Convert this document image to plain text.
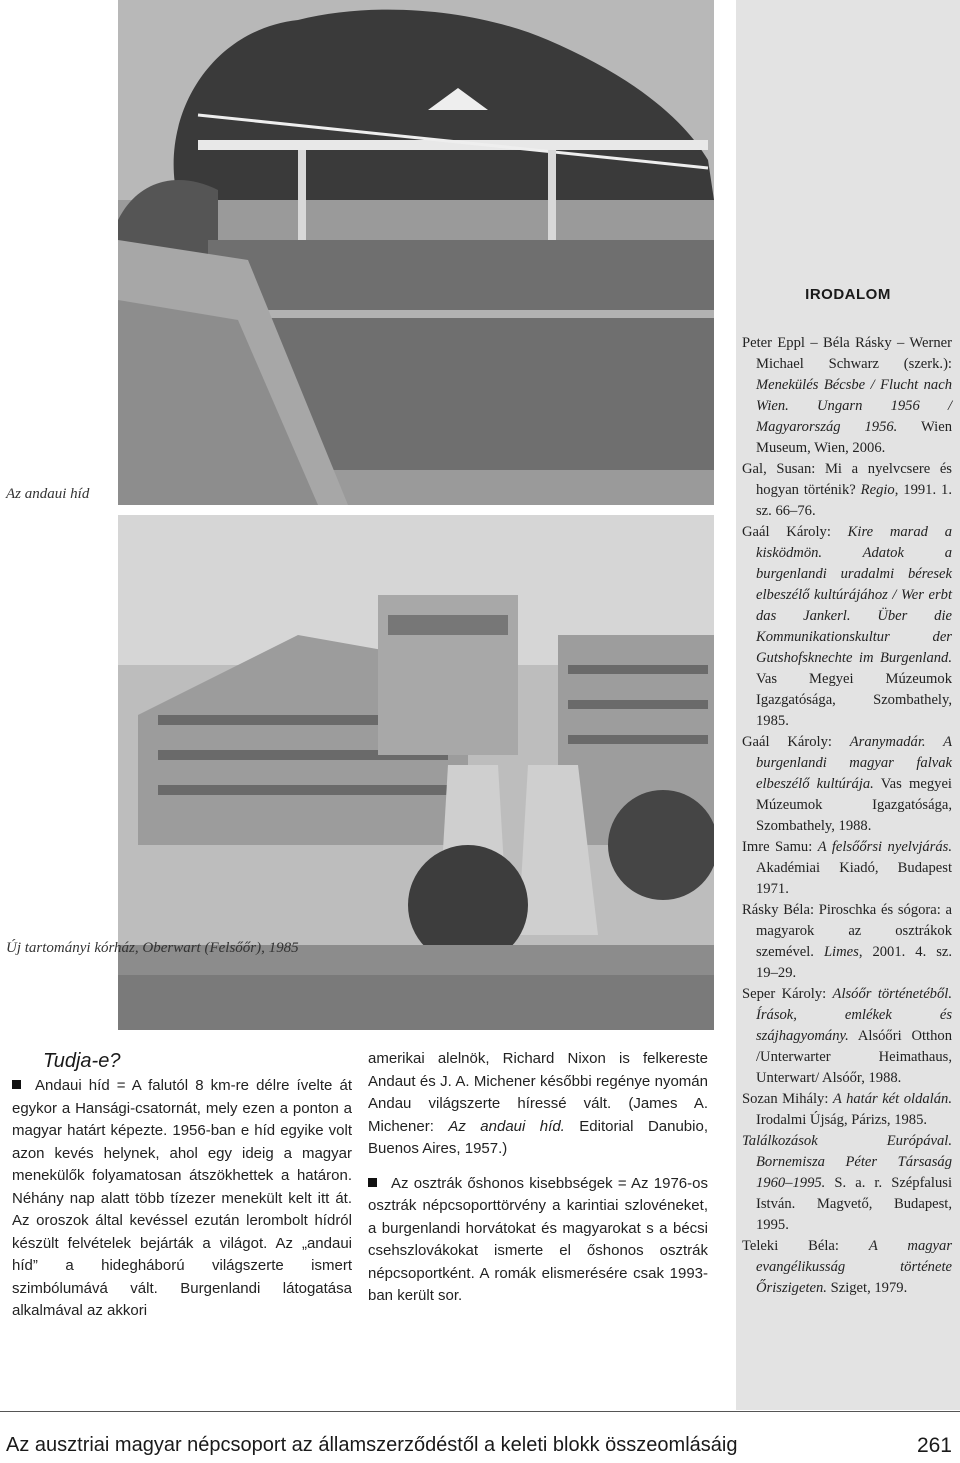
Az andaui híd
Új tartományi kórház, Oberwart (Felsőőr), 1985
IRODALOM
Peter Eppl – Béla Rásky – Werner Michael Schwarz (szerk.): Menekülés Bécsbe / Flucht nach Wien. Ungarn 1956 / Magyarország 1956. Wien Museum, Wien, 2006.
Gal, Susan: Mi a nyelvcsere és hogyan történik? Regio, 1991. 1. sz. 66–76.
Gaál Károly: Kire marad a kisködmön. Adatok a burgenlandi uradalmi béresek elbeszélő kultúrájához / Wer erbt das Jankerl. Über die Kommunikationskultur der Gutshofsknechte im Burgenland. Vas Megyei Múzeumok Igazgatósága, Szombathely, 1985.
Gaál Károly: Aranymadár. A burgenlandi magyar falvak elbeszélő kultúrája. Vas megyei Múzeumok Igazgatósága, Szombathely, 1988.
Imre Samu: A felsőőrsi nyelvjárás. Akadémiai Kiadó, Budapest 1971.
Rásky Béla: Piroschka és sógora: a magyarok az osztrákok szemével. Limes, 2001. 4. sz. 19–29.
Seper Károly: Alsóőr történetéből. Írások, emlékek és szájhagyomány. Alsóőri Otthon /Unterwarter Heimathaus, Unterwart/ Alsóőr, 1988.
Sozan Mihály: A határ két oldalán. Irodalmi Újság, Párizs, 1985.
Találkozások Európával. Bornemisza Péter Társaság 1960–1995. S. a. r. Szépfalusi István. Magvető, Budapest, 1995.
Teleki Béla: A magyar evangélikusság története Őriszigeten. Sziget, 1979.
Tudja-e?

Andaui híd = A falutól 8 km-re délre ívelte át egykor a Hansági-csatornát, mely ezen a ponton a magyar határt képezte. 1956-ban e híd egyike volt azon kevés helynek, ahol egy ideig a magyar menekülők folyamatosan átszökhettek a határon. Néhány nap alatt több tízezer menekült kelt itt át. Az oroszok által kevéssel ezután lerombolt hídról készült felvételek bejárták a világot. Az „andaui híd” a hidegháború világszerte ismert szimbólumává vált. Burgenlandi látogatása alkalmával az akkori

amerikai alelnök, Richard Nixon is felkereste Andaut és J. A. Michener későbbi regénye nyomán Andau világszerte híressé vált. (James A. Michener: Az andaui híd. Editorial Danubio, Buenos Aires, 1957.)

Az osztrák őshonos kisebbségek = Az 1976-os osztrák népcsoporttörvény a karintiai szlovéneket, a burgenlandi horvátokat és magyarokat s a bécsi csehszlovákokat ismerte el őshonos osztrák népcsoportként. A romák elismerésére csak 1993-ban került sor.

Az ausztriai magyar népcsoport az államszerződéstől a keleti blokk összeomlásáig	261
